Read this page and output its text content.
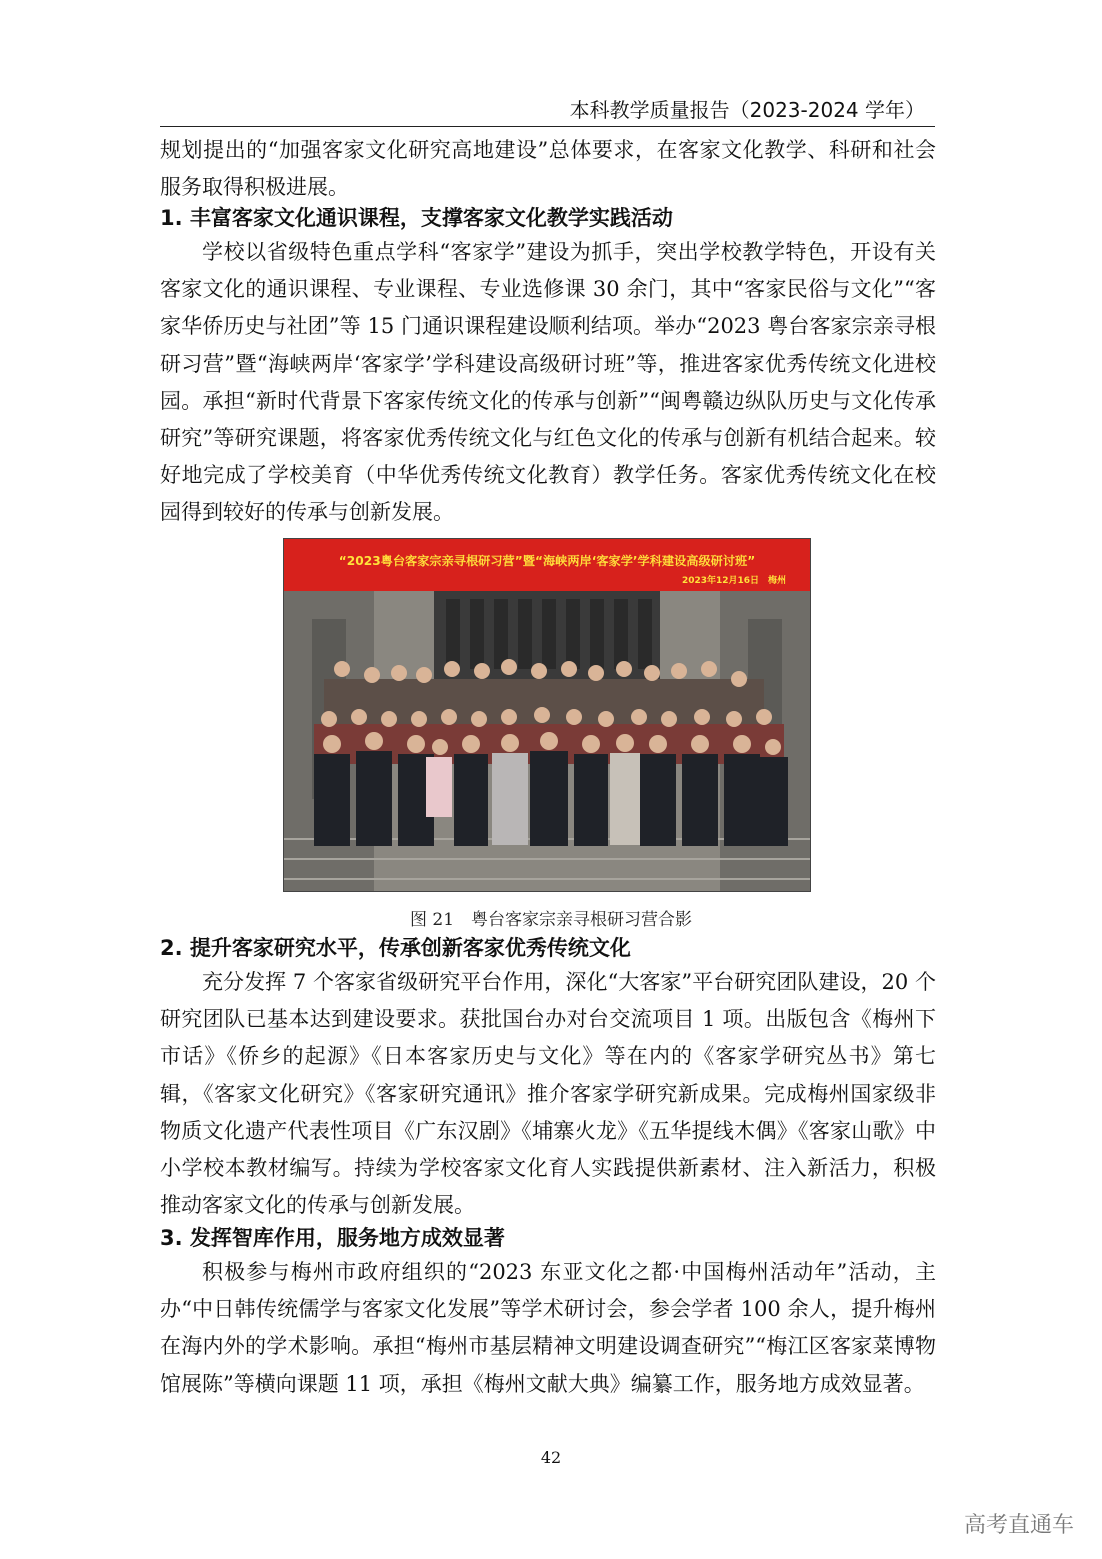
本科教学质量报告（2023-2024 学年）

规划提出的“加强客家文化研究高地建设”总体要求，在客家文化教学、科研和社会服务取得积极进展。

1. 丰富客家文化通识课程，支撑客家文化教学实践活动

学校以省级特色重点学科“客家学”建设为抓手，突出学校教学特色，开设有关客家文化的通识课程、专业课程、专业选修课 30 余门，其中“客家民俗与文化”“客家华侨历史与社团”等 15 门通识课程建设顺利结项。举办“2023 粤台客家宗亲寻根研习营”暨“海峡两岸‘客家学’学科建设高级研讨班”等，推进客家优秀传统文化进校园。承担“新时代背景下客家传统文化的传承与创新”“闽粤赣边纵队历史与文化传承研究”等研究课题，将客家优秀传统文化与红色文化的传承与创新有机结合起来。较好地完成了学校美育（中华优秀传统文化教育）教学任务。客家优秀传统文化在校园得到较好的传承与创新发展。

“2023粤台客家宗亲寻根研习营”暨“海峡两岸‘客家学’学科建设高级研讨班”
2023年12月16日　梅州
图 21　粤台客家宗亲寻根研习营合影

2. 提升客家研究水平，传承创新客家优秀传统文化

充分发挥 7 个客家省级研究平台作用，深化“大客家”平台研究团队建设，20 个研究团队已基本达到建设要求。获批国台办对台交流项目 1 项。出版包含《梅州下市话》《侨乡的起源》《日本客家历史与文化》等在内的《客家学研究丛书》第七辑，《客家文化研究》《客家研究通讯》推介客家学研究新成果。完成梅州国家级非物质文化遗产代表性项目《广东汉剧》《埔寨火龙》《五华提线木偶》《客家山歌》中小学校本教材编写。持续为学校客家文化育人实践提供新素材、注入新活力，积极推动客家文化的传承与创新发展。

3. 发挥智库作用，服务地方成效显著

积极参与梅州市政府组织的“2023 东亚文化之都·中国梅州活动年”活动，主办“中日韩传统儒学与客家文化发展”等学术研讨会，参会学者 100 余人，提升梅州在海内外的学术影响。承担“梅州市基层精神文明建设调查研究”“梅江区客家菜博物馆展陈”等横向课题 11 项，承担《梅州文献大典》编纂工作，服务地方成效显著。

42
高考直通车
